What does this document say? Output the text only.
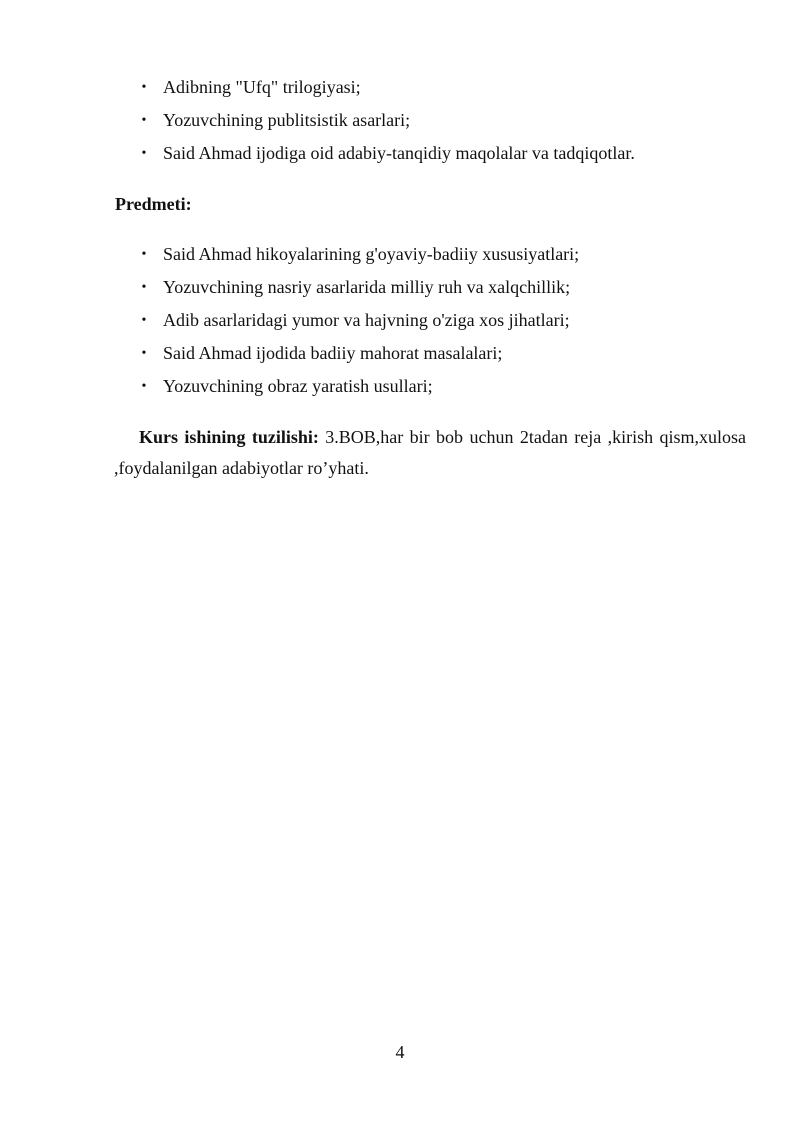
• Adibning "Ufq" trilogiyasi;
• Yozuvchining publitsistik asarlari;
• Said Ahmad ijodiga oid adabiy-tanqidiy maqolalar va tadqiqotlar.
Predmeti:
• Said Ahmad hikoyalarining g'oyaviy-badiiy xususiyatlari;
• Yozuvchining nasriy asarlarida milliy ruh va xalqchillik;
• Adib asarlaridagi yumor va hajvning o'ziga xos jihatlari;
• Said Ahmad ijodida badiiy mahorat masalalari;
• Yozuvchining obraz yaratish usullari;

Kurs ishining tuzilishi: 3.BOB,har bir bob uchun 2tadan reja ,kirish qism,xulosa ,foydalanilgan adabiyotlar ro’yhati.

4
